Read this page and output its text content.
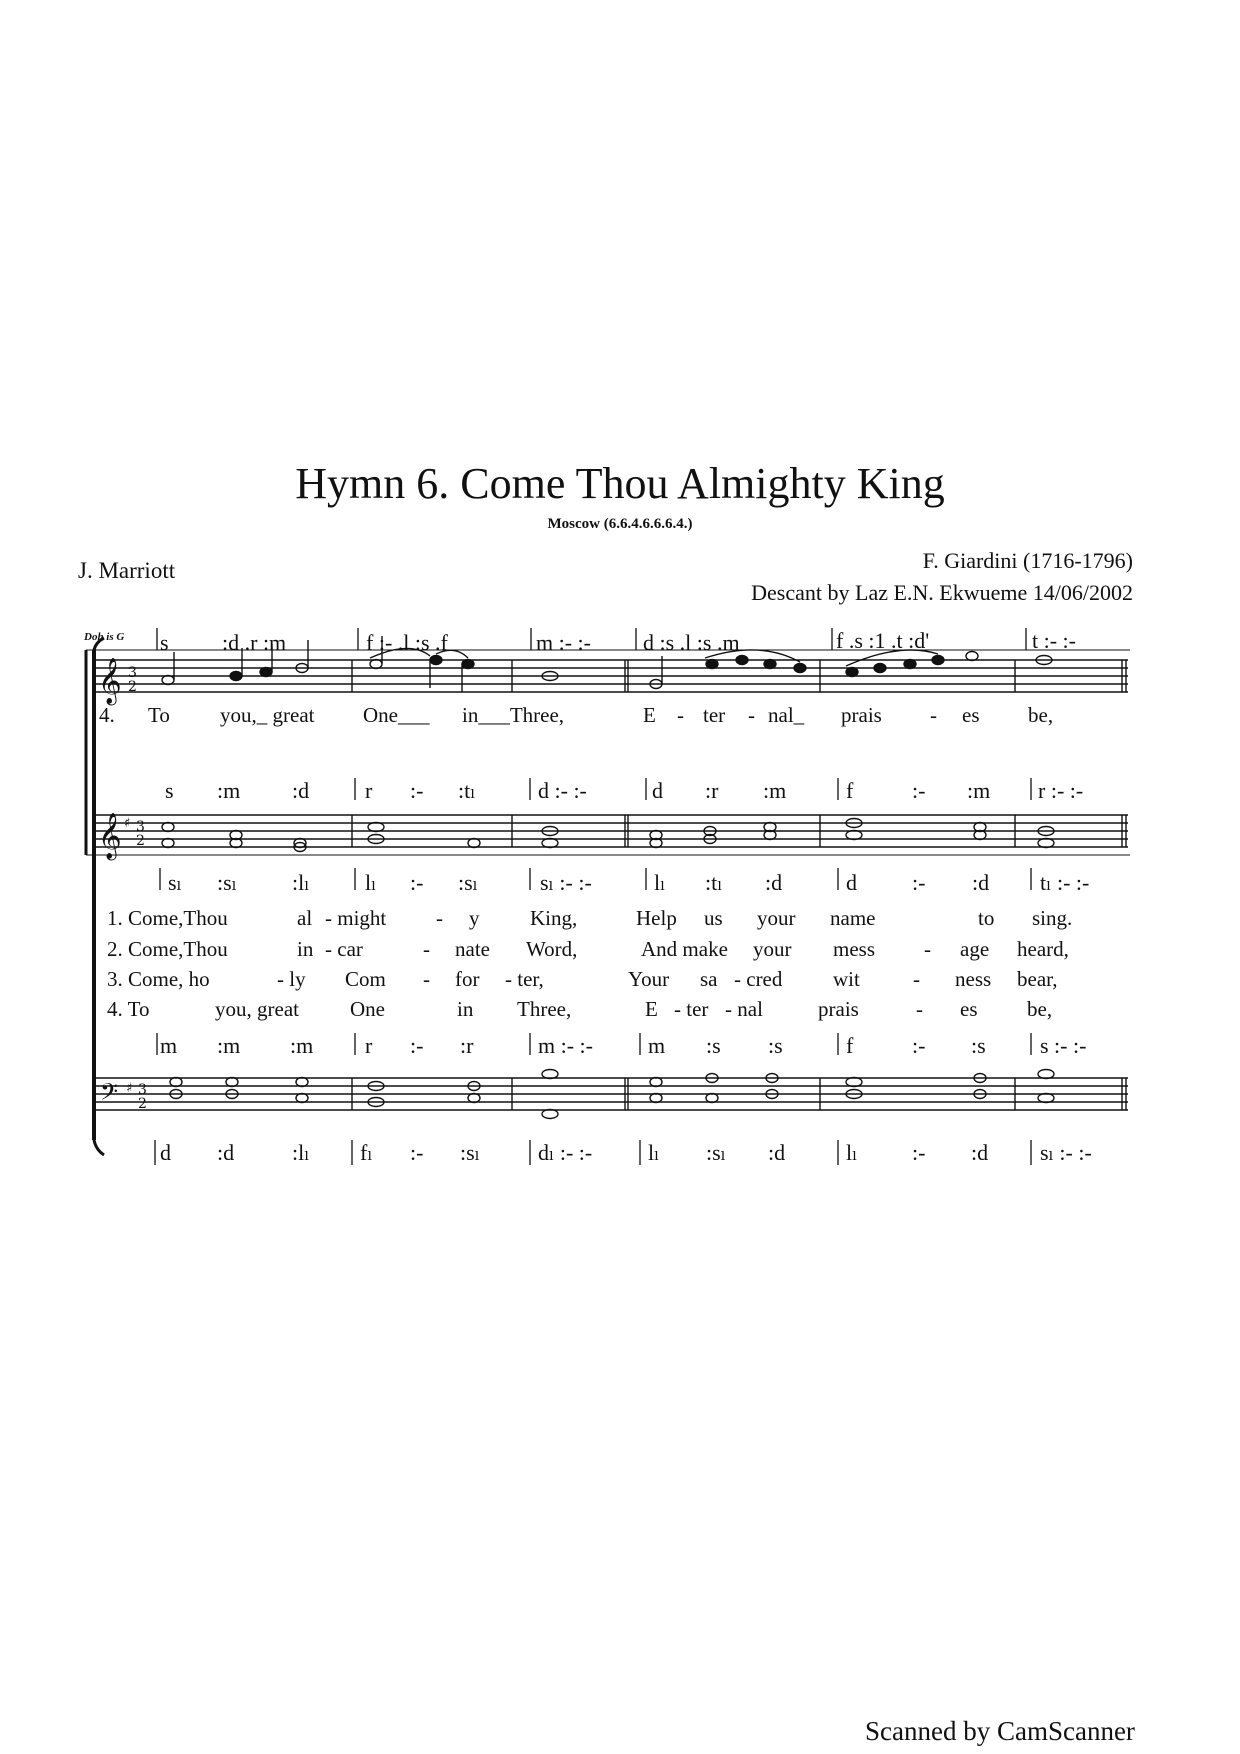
Hymn 6. Come Thou Almighty King
Moscow (6.6.4.6.6.6.4.)
J. Marriott	F. Giardini (1716-1796)
Descant by Laz E.N. Ekwueme 14/06/2002
Doh is G s :d .r :m	f :- .l :s .f	m :- :- d :s .l :s .m	f .s :1 .t :d'	t :- :-
4. To you,_ great One___ in___Three,	E - ter - nal_ prais - es be,
s :m :d	r :- :tₗ	d :- :-	d :r :m	f	:- :m r :- :-
sₗ :sₗ :lₗ	lₗ :- :sₗ	sₗ :- :-	lₗ :tₗ :d	d	:- :d tₗ :- :-
1. Come,Thou	al - might - y King,	Help us your name	to sing.
2. Come,Thou	in - car	- nate Word,	And make your mess - age heard,
3. Come, ho	- ly Com - for - ter,	Your sa - cred wit	- ness bear,
4. To	you, great One	in Three,	E - ter - nal	prais	- es be,
m :m :m r :- :r	m :- :-	m :s :s	f	:- :s s :- :-
d :d	:lₗ fₗ :- :sₗ	dₗ :- :-	lₗ :sₗ :d	lₗ :- :d sₗ :- :-
𝄞 3
2
𝄞 ♯ 3
2
𝄢 ♯ 3
2
Scanned by CamScanner
